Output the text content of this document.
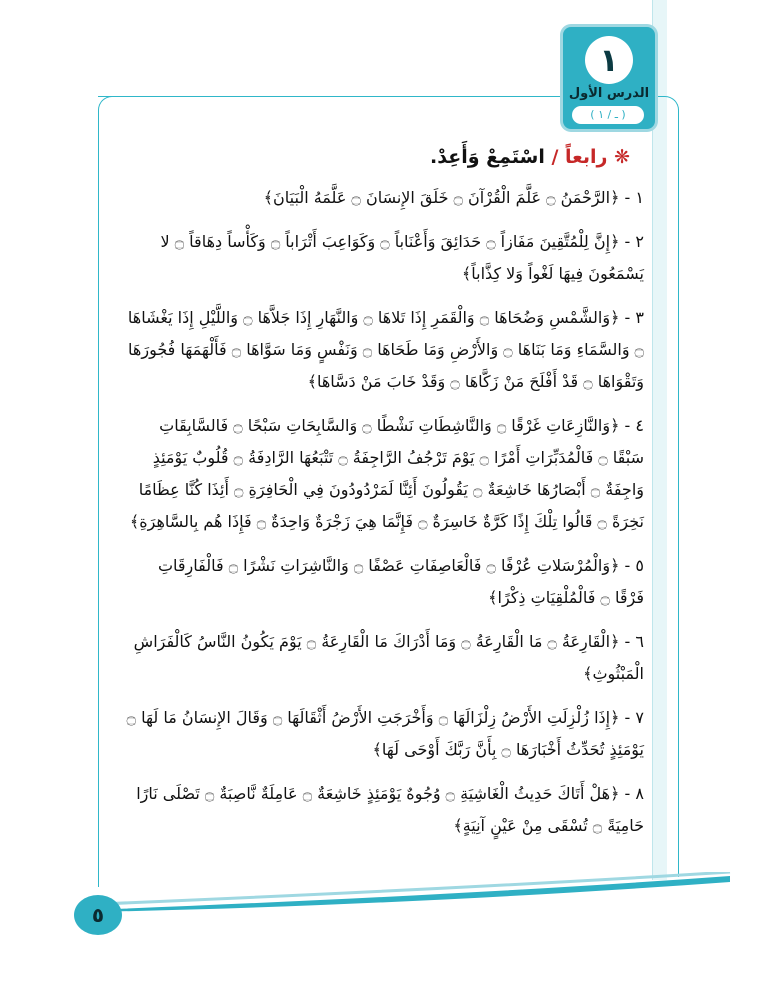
١
الدرس الأول
( ـ / ١ )
❋ رابعاً / اسْتَمِعْ وَأَعِدْ.
١ - ﴿الرَّحْمَنُ ۝ عَلَّمَ الْقُرْآنَ ۝ خَلَقَ الإِنسَانَ ۝ عَلَّمَهُ الْبَيَانَ﴾
٢ - ﴿إِنَّ لِلْمُتَّقِينَ مَفَازاً ۝ حَدَائِقَ وَأَعْنَاباً ۝ وَكَوَاعِبَ أَتْرَاباً ۝ وَكَأْساً دِهَاقاً ۝ لا يَسْمَعُونَ فِيهَا لَغْواً وَلا كِذَّاباً﴾
٣ - ﴿وَالشَّمْسِ وَضُحَاهَا ۝ وَالْقَمَرِ إِذَا تَلاهَا ۝ وَالنَّهَارِ إِذَا جَلاَّهَا ۝ وَاللَّيْلِ إِذَا يَغْشَاهَا ۝ وَالسَّمَاءِ وَمَا بَنَاهَا ۝ وَالأَرْضِ وَمَا طَحَاهَا ۝ وَنَفْسٍ وَمَا سَوَّاهَا ۝ فَأَلْهَمَهَا فُجُورَهَا وَتَقْوَاهَا ۝ قَدْ أَفْلَحَ مَنْ زَكَّاهَا ۝ وَقَدْ خَابَ مَنْ دَسَّاهَا﴾
٤ - ﴿وَالنَّازِعَاتِ غَرْقًا ۝ وَالنَّاشِطَاتِ نَشْطًا ۝ وَالسَّابِحَاتِ سَبْحًا ۝ فَالسَّابِقَاتِ سَبْقًا ۝ فَالْمُدَبِّرَاتِ أَمْرًا ۝ يَوْمَ تَرْجُفُ الرَّاجِفَةُ ۝ تَتْبَعُهَا الرَّادِفَةُ ۝ قُلُوبٌ يَوْمَئِذٍ وَاجِفَةٌ ۝ أَبْصَارُهَا خَاشِعَةٌ ۝ يَقُولُونَ أَئِنَّا لَمَرْدُودُونَ فِي الْحَافِرَةِ ۝ أَئِذَا كُنَّا عِظَامًا نَخِرَةً ۝ قَالُوا تِلْكَ إِذًا كَرَّةٌ خَاسِرَةٌ ۝ فَإِنَّمَا هِيَ زَجْرَةٌ وَاحِدَةٌ ۝ فَإِذَا هُم بِالسَّاهِرَةِ﴾
٥ - ﴿وَالْمُرْسَلاتِ عُرْفًا ۝ فَالْعَاصِفَاتِ عَصْفًا ۝ وَالنَّاشِرَاتِ نَشْرًا ۝ فَالْفَارِقَاتِ فَرْقًا ۝ فَالْمُلْقِيَاتِ ذِكْرًا﴾
٦ - ﴿الْقَارِعَةُ ۝ مَا الْقَارِعَةُ ۝ وَمَا أَدْرَاكَ مَا الْقَارِعَةُ ۝ يَوْمَ يَكُونُ النَّاسُ كَالْفَرَاشِ الْمَبْثُوثِ﴾
٧ - ﴿إِذَا زُلْزِلَتِ الأَرْضُ زِلْزَالَهَا ۝ وَأَخْرَجَتِ الأَرْضُ أَثْقَالَهَا ۝ وَقَالَ الإِنسَانُ مَا لَهَا ۝ يَوْمَئِذٍ تُحَدِّثُ أَخْبَارَهَا ۝ بِأَنَّ رَبَّكَ أَوْحَى لَهَا﴾
٨ - ﴿هَلْ أَتَاكَ حَدِيثُ الْغَاشِيَةِ ۝ وُجُوهٌ يَوْمَئِذٍ خَاشِعَةٌ ۝ عَامِلَةٌ نَّاصِبَةٌ ۝ تَصْلَى نَارًا حَامِيَةً ۝ تُسْقَى مِنْ عَيْنٍ آنِيَةٍ﴾
٥
